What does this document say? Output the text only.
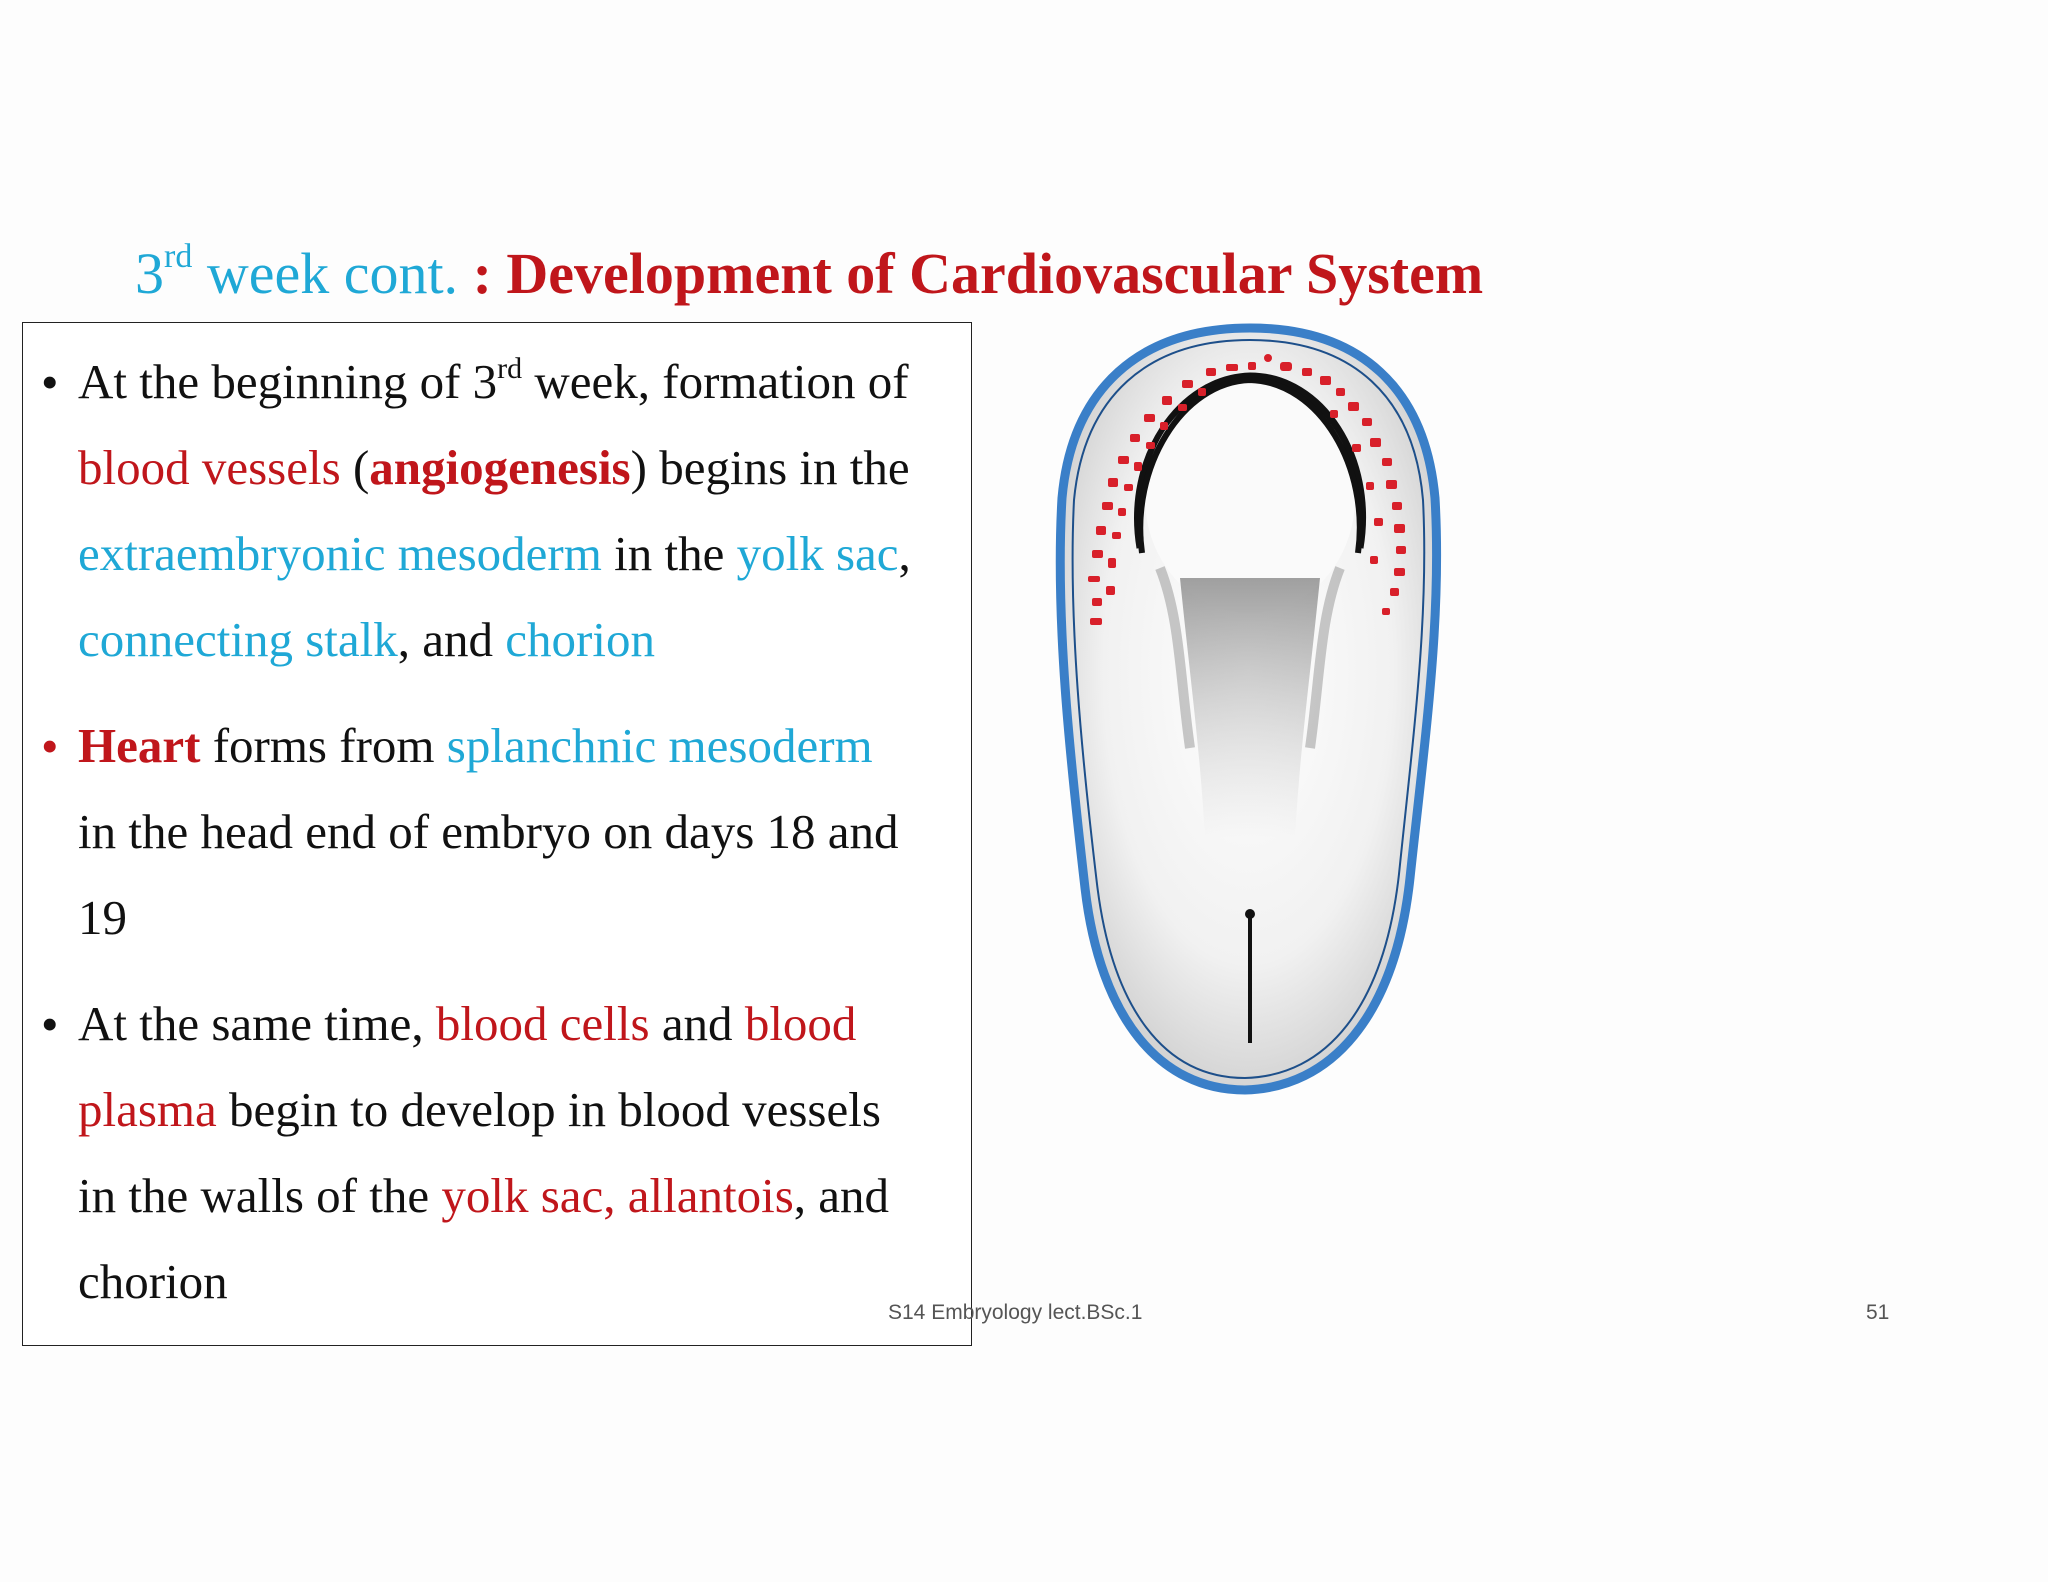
3rd week cont. : Development of Cardiovascular System
• At the beginning of 3rd week, formation of
blood vessels (angiogenesis) begins in the
extraembryonic mesoderm in the yolk sac,
connecting stalk, and chorion
• Heart forms from splanchnic mesoderm
in the head end of embryo on days 18 and
19
• At the same time, blood cells and blood
plasma begin to develop in blood vessels
in the walls of the yolk sac, allantois, and
chorion
S14 Embryology lect.BSc.1	51
